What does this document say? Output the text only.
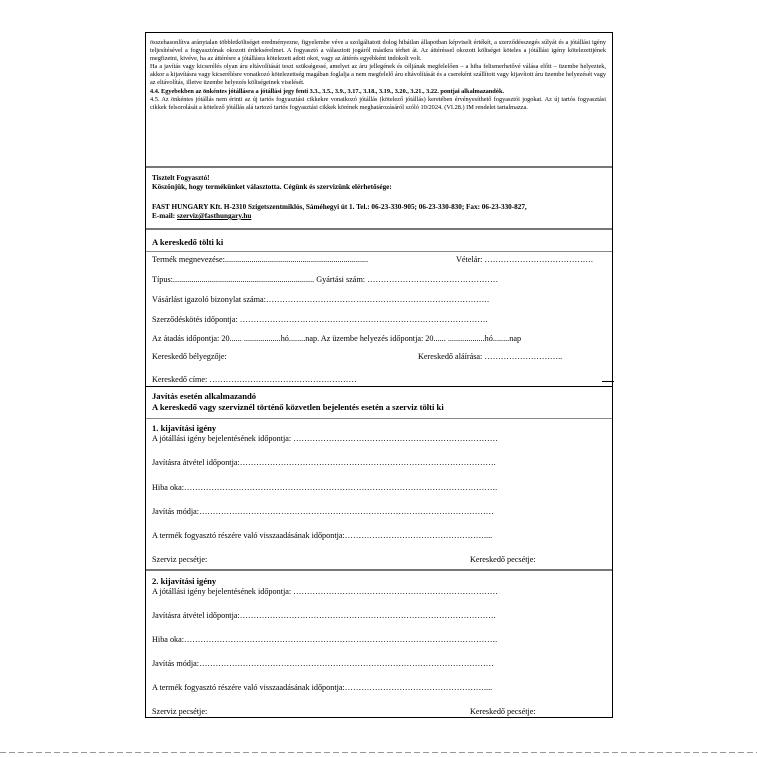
összehasonlítva aránytalan többletköltséget eredményezne, figyelembe véve a szolgáltatott dolog hibátlan állapotban képviselt értékét, a szerződésszegés súlyát és a jótállási igény teljesítésével a fogyasztónak okozott érdeksérelmet. A fogyasztó a választott jogáról másikra térhet át. Az áttéréssel okozott költséget köteles a jótállási igény kötelezettjének megfizetni, kivéve, ha az áttérésre a jótállásra kötelezett adott okot, vagy az áttérés egyébként indokolt volt.

Ha a javítás vagy kicserélés olyan áru eltávolítását teszi szükségessé, amelyet az áru jellegének és céljának megfelelően – a hiba felismerhetővé válása előtt – üzembe helyeztek, akkor a kijavításra vagy kicserélésre vonatkozó kötelezettség magában foglalja a nem megfelelő áru eltávolítását és a csereként szállított vagy kijavított áru üzembe helyezését vagy az eltávolítás, illetve üzembe helyezés költségeinek viselését.

4.4. Egyebekben az önkéntes jótállásra a jótállási jegy fenti 3.3., 3.5., 3.9., 3.17., 3.18., 3.19., 3.20., 3.21., 3.22. pontjai alkalmazandók.

4.5. Az önkéntes jótállás nem érinti az új tartós fogyasztási cikkekre vonatkozó jótállás (kötelező jótállás) keretében érvényesíthető fogyasztói jogokat. Az új tartós fogyasztási cikkek felsorolását a kötelező jótállás alá tartozó tartós fogyasztási cikkek körének meghatározásáról szóló 10/2024. (VI.28.) IM rendelet tartalmazza.

Tisztelt Fogyasztó!
Köszönjük, hogy termékünket választotta. Cégünk és szervizünk elérhetősége:
FAST HUNGARY Kft. H-2310 Szigetszentmiklós, Sáméhegyi út 1. Tel.: 06-23-330-905; 06-23-330-830; Fax: 06-23-330-827,
E-mail: szerviz@fasthungary.hu
A kereskedő tölti ki
Termék megnevezése:......................................................................	Vételár: ………………………………….
Típus:..................................................................... Gyártási szám: …………………………………………
Vásárlást igazoló bizonylat száma:……………………………………………………………………….
Szerződéskötés időpontja: ……………………………………………………………………………….
Az átadás időpontja: 20...... ..................hó........nap. Az üzembe helyezés időpontja: 20...... ..................hó........nap
Kereskedő bélyegzője:	Kereskedő aláírása: ………………………..
Kereskedő címe: ………………………………………………
Javítás esetén alkalmazandó
A kereskedő vagy szerviznél történő közvetlen bejelentés esetén a szerviz tölti ki
1. kijavítási igény
A jótállási igény bejelentésének időpontja: …………………………………………………………………
Javításra átvétel időpontja:………………………………………………………………………………….
Hiba oka:…………………………………………………………………………………………………….
Javítás módja:………………………………………………………………………………………………
A termék fogyasztó részére való visszaadásának időpontja:……………………………………………....
Szerviz pecsétje:	Kereskedő pecsétje:
2. kijavítási igény
A jótállási igény bejelentésének időpontja: …………………………………………………………………
Javításra átvétel időpontja:………………………………………………………………………………….
Hiba oka:…………………………………………………………………………………………………….
Javítás módja:………………………………………………………………………………………………
A termék fogyasztó részére való visszaadásának időpontja:……………………………………………....
Szerviz pecsétje:	Kereskedő pecsétje:
